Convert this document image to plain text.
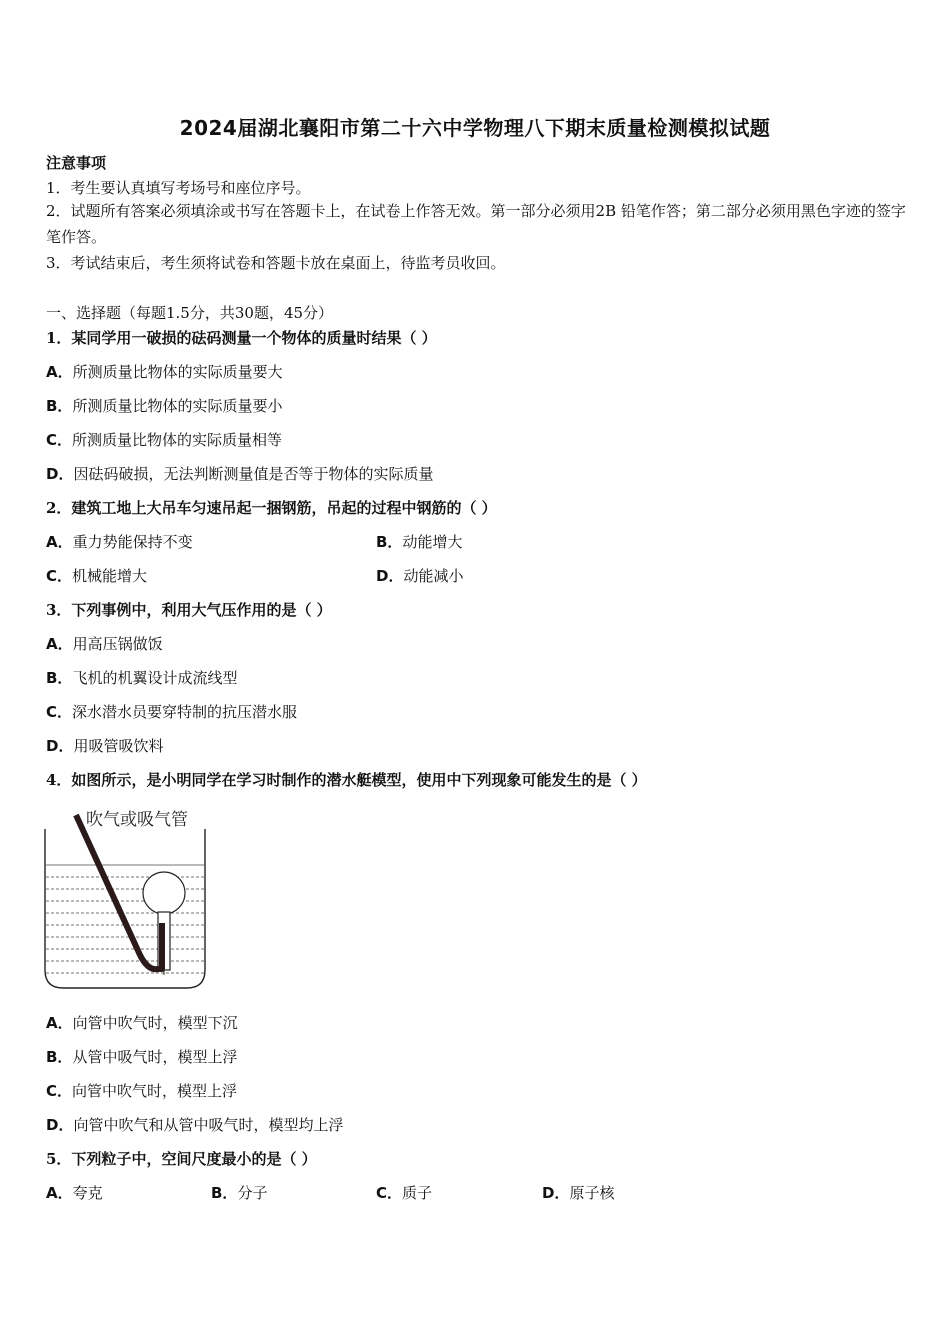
2024届湖北襄阳市第二十六中学物理八下期末质量检测模拟试题
注意事项
1．考生要认真填写考场号和座位序号。
2．试题所有答案必须填涂或书写在答题卡上，在试卷上作答无效。第一部分必须用2B 铅笔作答；第二部分必须用黑色字迹的签字笔作答。
3．考试结束后，考生须将试卷和答题卡放在桌面上，待监考员收回。
一、选择题（每题1.5分，共30题，45分）
1．某同学用一破损的砝码测量一个物体的质量时结果（ ）
A．所测质量比物体的实际质量要大
B．所测质量比物体的实际质量要小
C．所测质量比物体的实际质量相等
D．因砝码破损，无法判断测量值是否等于物体的实际质量
2．建筑工地上大吊车匀速吊起一捆钢筋，吊起的过程中钢筋的（ ）
A．重力势能保持不变	B．动能增大
C．机械能增大	D．动能减小
3．下列事例中，利用大气压作用的是（ ）
A．用高压锅做饭
B．飞机的机翼设计成流线型
C．深水潜水员要穿特制的抗压潜水服
D．用吸管吸饮料
4．如图所示，是小明同学在学习时制作的潜水艇模型，使用中下列现象可能发生的是（ ）
吹气或吸气管
A．向管中吹气时，模型下沉
B．从管中吸气时，模型上浮
C．向管中吹气时，模型上浮
D．向管中吹气和从管中吸气时，模型均上浮
5．下列粒子中，空间尺度最小的是（ ）
A．夸克	B．分子	C．质子	D．原子核
